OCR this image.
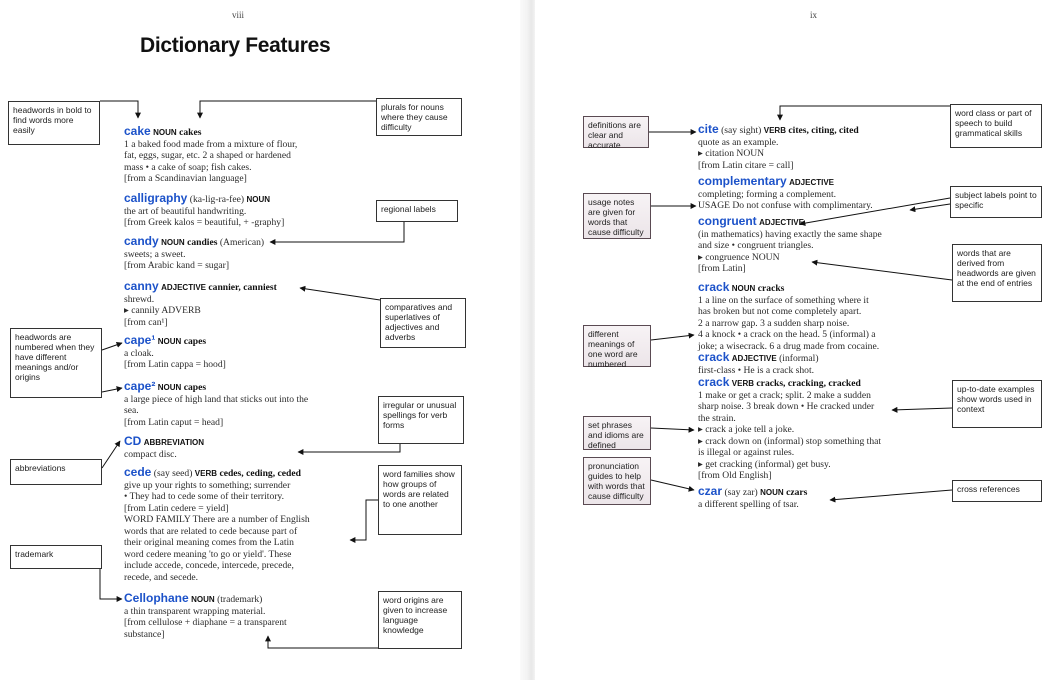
viii
Dictionary Features
cake NOUN cakes
1 a baked food made from a mixture of flour,
fat, eggs, sugar, etc. 2 a shaped or hardened
mass • a cake of soap; fish cakes.
[from a Scandinavian language]
calligraphy (ka-lig-ra-fee) NOUN
the art of beautiful handwriting.
[from Greek kalos = beautiful, + -graphy]
candy NOUN candies (American)
sweets; a sweet.
[from Arabic kand = sugar]
canny ADJECTIVE cannier, canniest
shrewd.
▸ cannily ADVERB
[from can¹]
cape¹ NOUN capes
a cloak.
[from Latin cappa = hood]
cape² NOUN capes
a large piece of high land that sticks out into the
sea.
[from Latin caput = head]
CD ABBREVIATION
compact disc.
cede (say seed) VERB cedes, ceding, ceded
give up your rights to something; surrender
• They had to cede some of their territory.
[from Latin cedere = yield]
WORD FAMILY There are a number of English
words that are related to cede because part of
their original meaning comes from the Latin
word cedere meaning 'to go or yield'. These
include accede, concede, intercede, precede,
recede, and secede.
Cellophane NOUN (trademark)
a thin transparent wrapping material.
[from cellulose + diaphane = a transparent
substance]
headwords in bold to find words more easily
plurals for nouns where they cause difficulty
regional labels
comparatives and superlatives of adjectives and adverbs
headwords are numbered when they have different meanings and/or origins
irregular or unusual spellings for verb forms
abbreviations
word families show how groups of words are related to one another
trademark
word origins are given to increase language knowledge
ix
cite (say sight) VERB cites, citing, cited
quote as an example.
▸ citation NOUN
[from Latin citare = call]
complementary ADJECTIVE
completing; forming a complement.
USAGE Do not confuse with complimentary.
congruent ADJECTIVE
(in mathematics) having exactly the same shape
and size • congruent triangles.
▸ congruence NOUN
[from Latin]
crack NOUN cracks
1 a line on the surface of something where it
has broken but not come completely apart.
2 a narrow gap. 3 a sudden sharp noise.
4 a knock • a crack on the head. 5 (informal) a
joke; a wisecrack. 6 a drug made from cocaine.
crack ADJECTIVE (informal)
first-class • He is a crack shot.
crack VERB cracks, cracking, cracked
1 make or get a crack; split. 2 make a sudden
sharp noise. 3 break down • He cracked under
the strain.
▸ crack a joke tell a joke.
▸ crack down on (informal) stop something that
is illegal or against rules.
▸ get cracking (informal) get busy.
[from Old English]
czar (say zar) NOUN czars
a different spelling of tsar.
definitions are clear and accurate
word class or part of speech to build grammatical skills
usage notes are given for words that cause difficulty
subject labels point to specific
words that are derived from headwords are given at the end of entries
different meanings of one word are numbered
up-to-date examples show words used in context
set phrases and idioms are defined
pronunciation guides to help with words that cause difficulty
cross references
